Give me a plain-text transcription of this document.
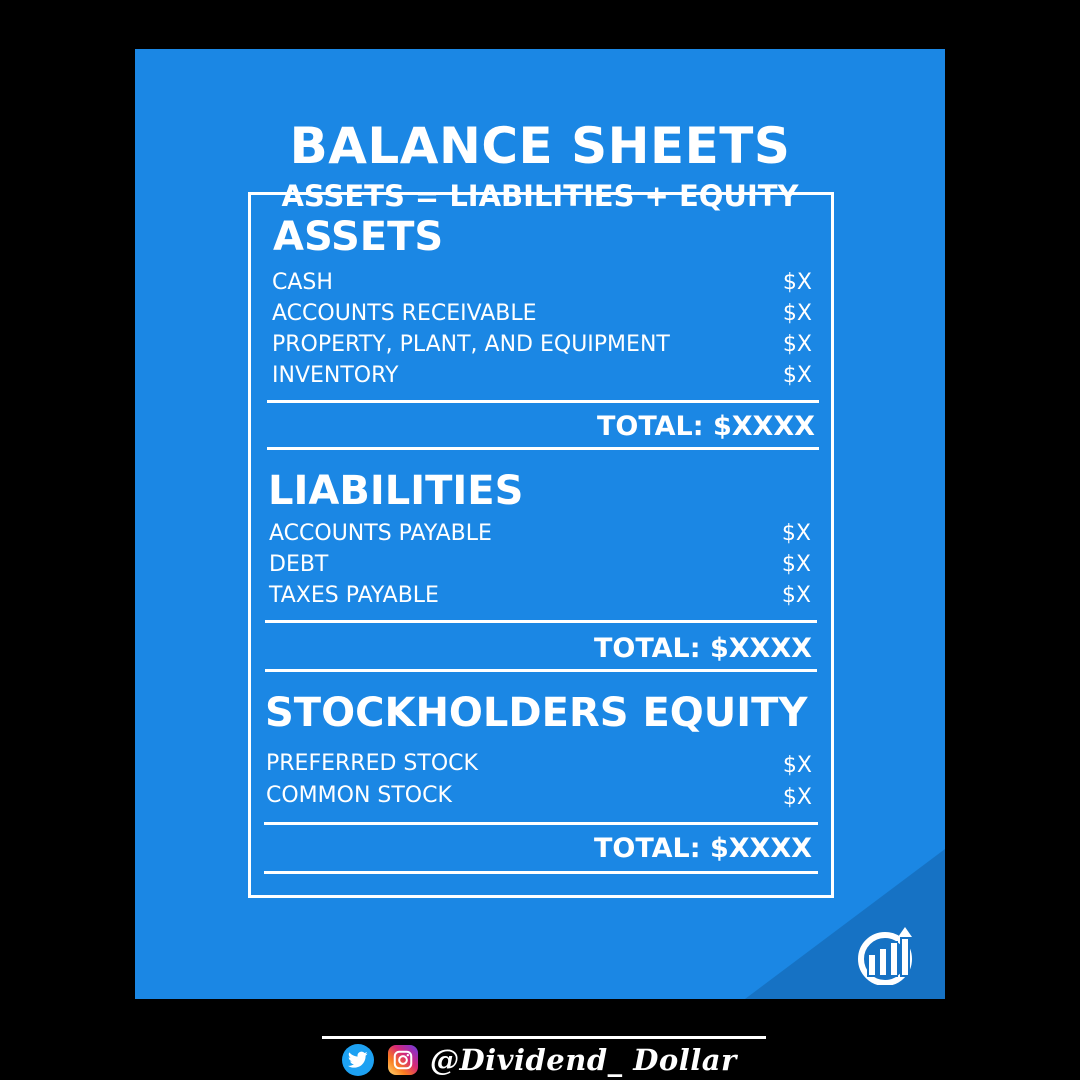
BALANCE SHEETS
ASSETS = LIABILITIES + EQUITY
ASSETS
CASH	$X
ACCOUNTS RECEIVABLE	$X
PROPERTY, PLANT, AND EQUIPMENT	$X
INVENTORY	$X
TOTAL: $XXXX
LIABILITIES
ACCOUNTS PAYABLE	$X
DEBT	$X
TAXES PAYABLE	$X
TOTAL: $XXXX
STOCKHOLDERS EQUITY
PREFERRED STOCK	$X
COMMON STOCK	$X
TOTAL: $XXXX
@Dividend_ Dollar
